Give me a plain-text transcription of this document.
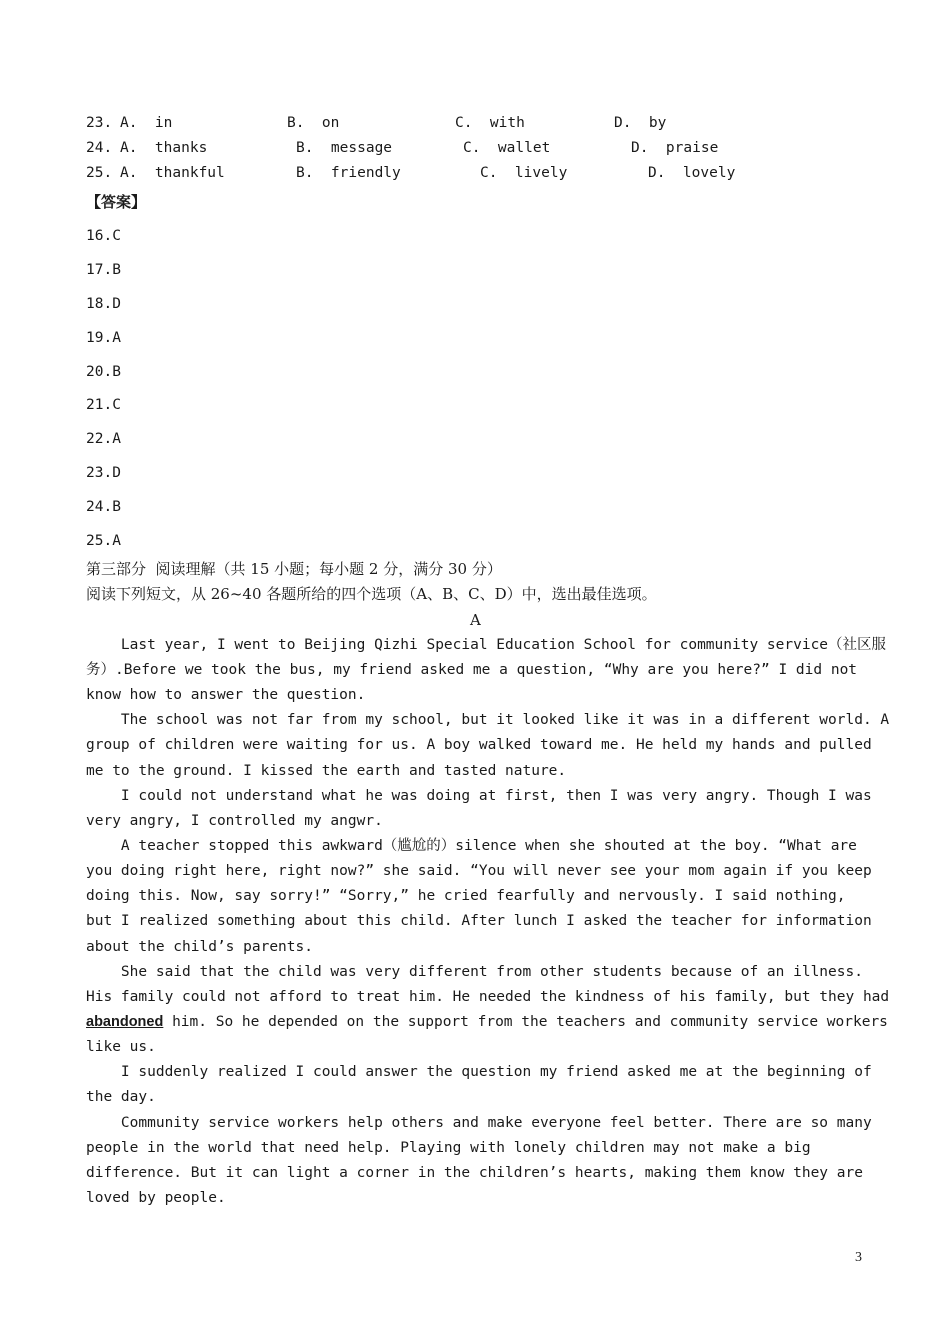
23. A.  in	B.  on	C.  with	D.  by
24. A.  thanks	B.  message	C.  wallet	D.  praise
25. A.  thankful	B.  friendly	C.  lively	D.  lovely
【答案】
16.C
17.B
18.D
19.A
20.B
21.C
22.A
23.D
24.B
25.A
第三部分  阅读理解（共 15 小题；每小题 2 分，满分 30 分）
阅读下列短文，从 26~40 各题所给的四个选项（A、B、C、D）中，选出最佳选项。
A
Last year, I went to Beijing Qizhi Special Education School for community service（社区服
务）.Before we took the bus, my friend asked me a question, “Why are you here?” I did not
know how to answer the question.
The school was not far from my school, but it looked like it was in a different world. A
group of children were waiting for us. A boy walked toward me. He held my hands and pulled
me to the ground. I kissed the earth and tasted nature.
I could not understand what he was doing at first, then I was very angry. Though I was
very angry, I controlled my angwr.
A teacher stopped this awkward（尴尬的）silence when she shouted at the boy. “What are
you doing right here, right now?” she said. “You will never see your mom again if you keep
doing this. Now, say sorry!” “Sorry,” he cried fearfully and nervously. I said nothing,
but I realized something about this child. After lunch I asked the teacher for information
about the child’s parents.
She said that the child was very different from other students because of an illness.
His family could not afford to treat him. He needed the kindness of his family, but they had
abandoned him. So he depended on the support from the teachers and community service workers
like us.
I suddenly realized I could answer the question my friend asked me at the beginning of
the day.
Community service workers help others and make everyone feel better. There are so many
people in the world that need help. Playing with lonely children may not make a big
difference. But it can light a corner in the children’s hearts, making them know they are
loved by people.
3
